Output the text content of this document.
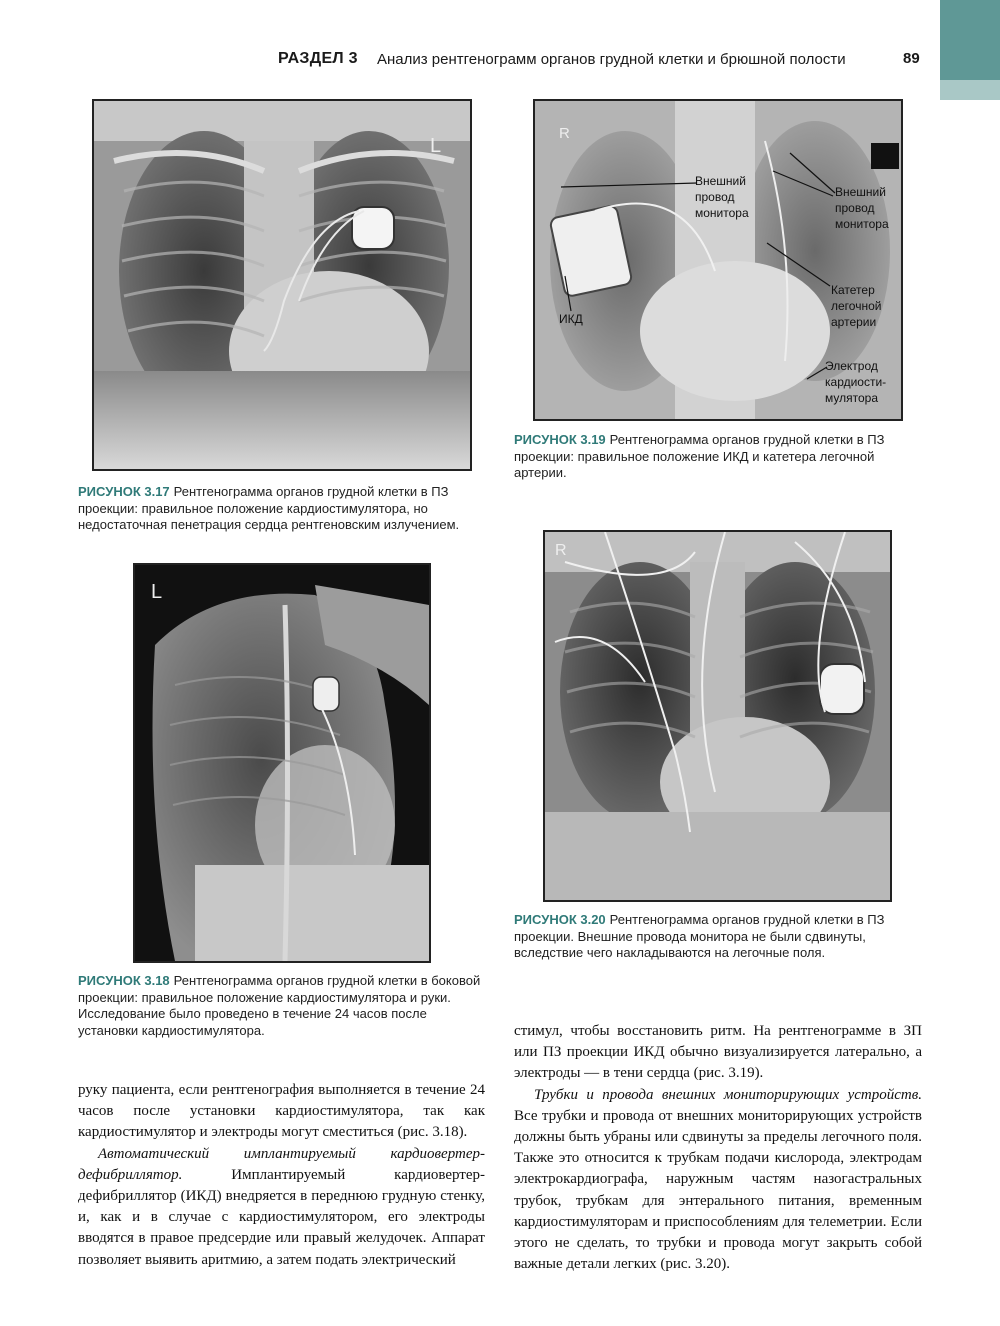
РАЗДЕЛ 3 Анализ рентгенограмм органов грудной клетки и брюшной полости	89
L
РИСУНОК 3.17 Рентгенограмма органов грудной клетки в ПЗ проекции: правильное положение кардиостимулятора, но недостаточная пенетрация сердца рентгеновским излучением.
R
Внешний провод монитора
Внешний провод монитора
ИКД
Катетер легочной артерии
Электрод кардиости-мулятора
РИСУНОК 3.19 Рентгенограмма органов грудной клетки в ПЗ проекции: правильное положение ИКД и катетера легочной артерии.
L
РИСУНОК 3.18 Рентгенограмма органов грудной клетки в боковой проекции: правильное положение кардиостимулятора и руки. Исследование было проведено в течение 24 часов после установки кардиостимулятора.
R
РИСУНОК 3.20 Рентгенограмма органов грудной клетки в ПЗ проекции. Внешние провода монитора не были сдвинуты, вследствие чего накладываются на легочные поля.

руку пациента, если рентгенография выполняется в течение 24 часов после установки кардиостимулятора, так как кардиостимулятор и электроды могут сместиться (рис. 3.18).

Автоматический имплантируемый кардиовертер-дефибриллятор.	Имплантируемый кардиовертер-дефибриллятор (ИКД) внедряется в переднюю грудную стенку, и, как и в случае с кардиостимулятором, его электроды вводятся в правое предсердие или правый желудочек. Аппарат позволяет выявить аритмию, а затем подать электрический

стимул, чтобы восстановить ритм. На рентгенограмме в ЗП или ПЗ проекции ИКД обычно визуализируется латерально, а электроды — в тени сердца (рис. 3.19).

Трубки и провода внешних мониторирующих устройств. Все трубки и провода от внешних мониторирующих устройств должны быть убраны или сдвинуты за пределы легочного поля. Также это относится к трубкам подачи кислорода, электродам электрокардиографа, наружным частям назогастральных трубок, трубкам для энтерального питания, временным кардиостимуляторам и приспособлениям для телеметрии. Если этого не сделать, то трубки и провода могут закрыть собой важные детали легких (рис. 3.20).
